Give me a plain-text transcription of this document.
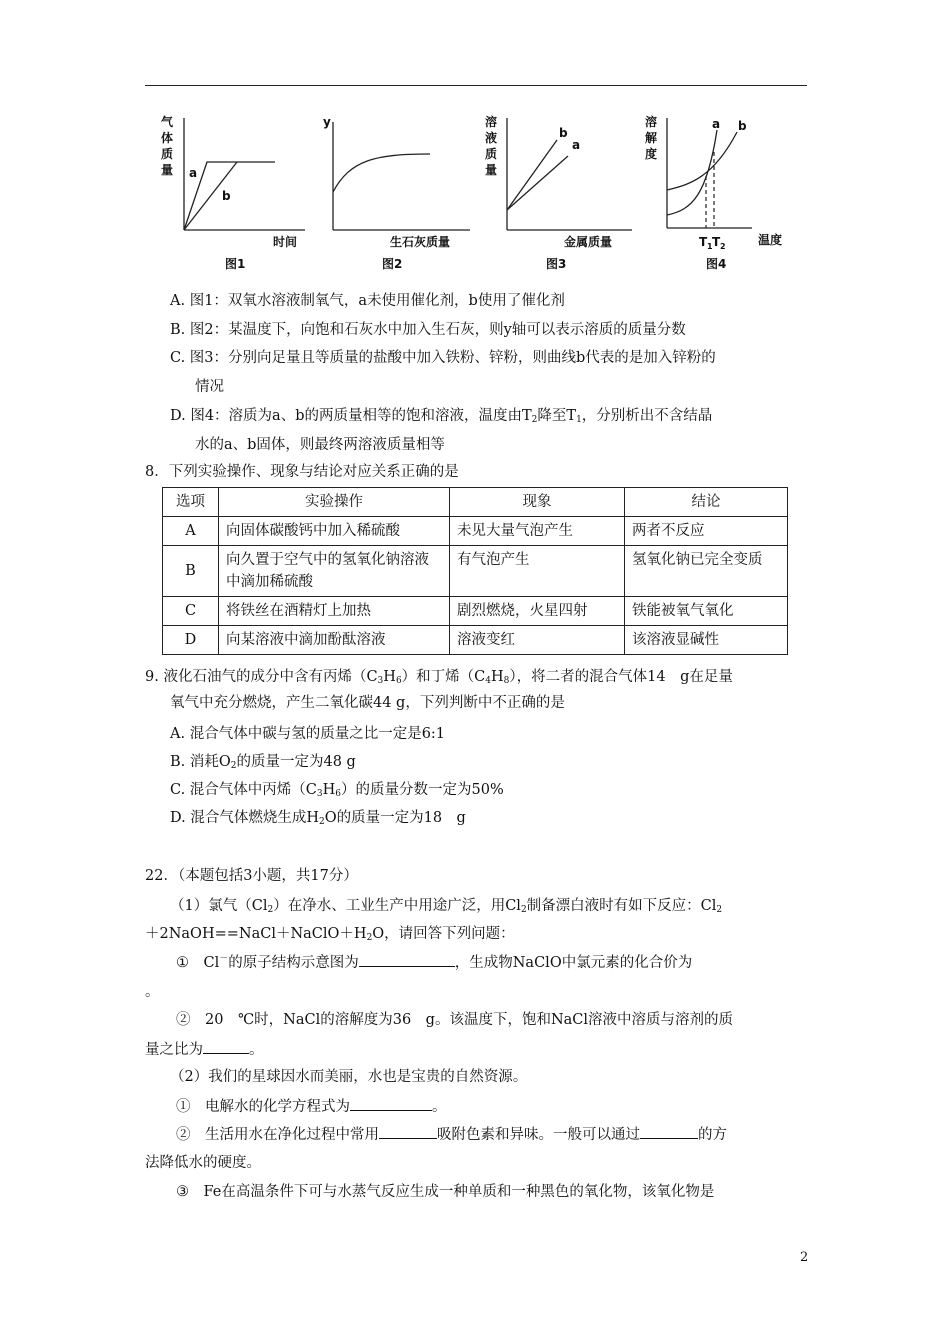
气
体
质
量 a
b
时间
图1
y
生石灰质量
图2
溶
液
质
量
b
a
金属质量
图3
溶
解
度
a b
T 1 T 2	温度
图4
A. 图1：双氧水溶液制氧气，a未使用催化剂，b使用了催化剂
B. 图2：某温度下，向饱和石灰水中加入生石灰，则y轴可以表示溶质的质量分数
C. 图3：分别向足量且等质量的盐酸中加入铁粉、锌粉，则曲线b代表的是加入锌粉的
情况
D. 图4：溶质为a、b的两质量相等的饱和溶液，温度由$T_2$降至$T_1$，分别析出不含结晶
水的a、b固体，则最终两溶液质量相等
8．下列实验操作、现象与结论对应关系正确的是
选项	实验操作	现象	结论
A	向固体碳酸钙中加入稀硫酸	未见大量气泡产生	两者不反应
B	向久置于空气中的氢氧化钠溶液中滴加稀硫酸	有气泡产生	氢氧化钠已完全变质
C	将铁丝在酒精灯上加热	剧烈燃烧，火星四射	铁能被氧气氧化
D	向某溶液中滴加酚酞溶液	溶液变红	该溶液显碱性
9. 液化石油气的成分中含有丙烯$(C_3H_6)$和丁烯$(C_4H_8)$，将二者的混合气体14　g在足量
氧气中充分燃烧，产生二氧化碳44 g，下列判断中不正确的是
A. 混合气体中碳与氢的质量之比一定是6:1
B. 消耗$O_2$的质量一定为48 g
C. 混合气体中丙烯$(C_3H_6)$的质量分数一定为50%
D. 混合气体燃烧生成$H_2O$的质量一定为18　g
22．（本题包括3小题，共17分）
（1）氯气$(Cl_2)$在净水、工业生产中用途广泛，用$Cl_2$制备漂白液时有如下反应：$Cl_2$
$+2NaOH==NaCl+NaClO+H_2O$，请回答下列问题：
①　Cl－的原子结构示意图为	，生成物NaClO中氯元素的化合价为
。
②　20　℃时，NaCl的溶解度为36　g。该温度下，饱和NaCl溶液中溶质与溶剂的质
量之比为	。
（2）我们的星球因水而美丽，水也是宝贵的自然资源。
①　电解水的化学方程式为	。
②　生活用水在净化过程中常用	吸附色素和异味。一般可以通过	的方
法降低水的硬度。
③　Fe在高温条件下可与水蒸气反应生成一种单质和一种黑色的氧化物，该氧化物是
2
